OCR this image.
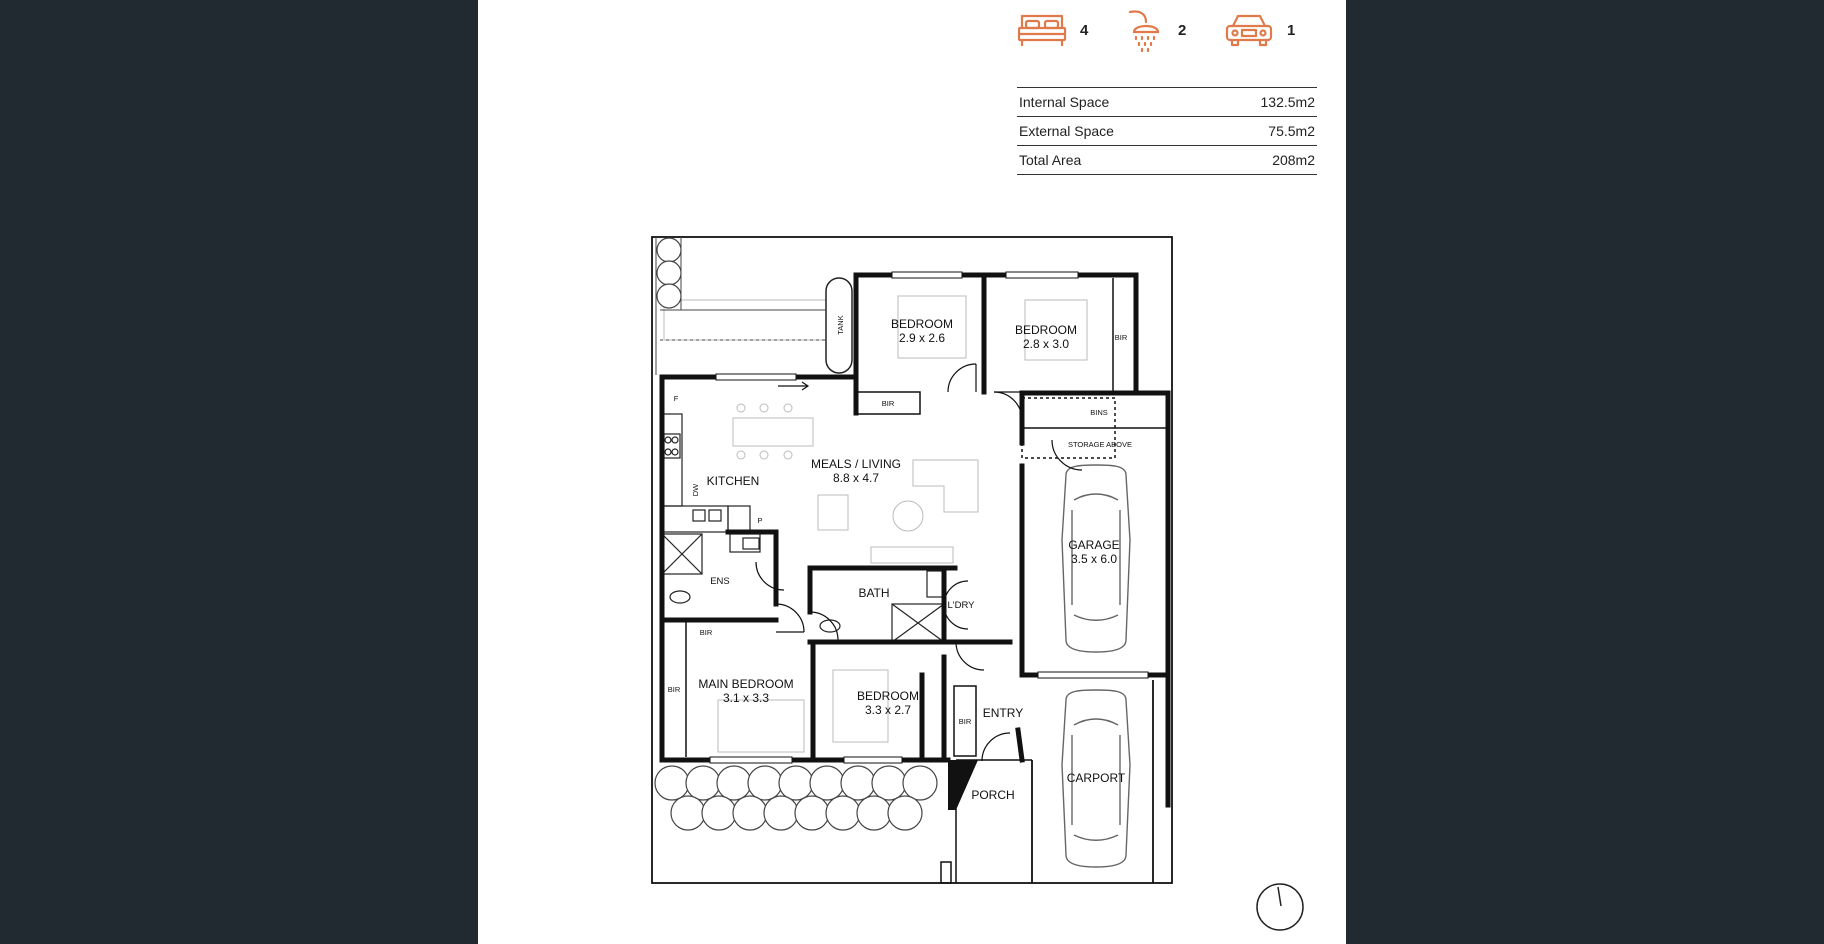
4	2	1
Internal Space	132.5m2
External Space	75.5m2
Total Area	208m2
TANK	BEDROOM
2.9 x 2.6
BEDROOM
2.8 x 3.0
MEALS / LIVING
8.8 x 4.7
KITCHEN
GARAGE
3.5 x 6.0
BATH
L'DRY
ENS
MAIN BEDROOM
3.1 x 3.3	BEDROOM
3.3 x 2.7	ENTRY
PORCH
CARPORT
BIR
BIR
BIR
BIR
BIR
BINS
STORAGE ABOVE
F
DW
P
